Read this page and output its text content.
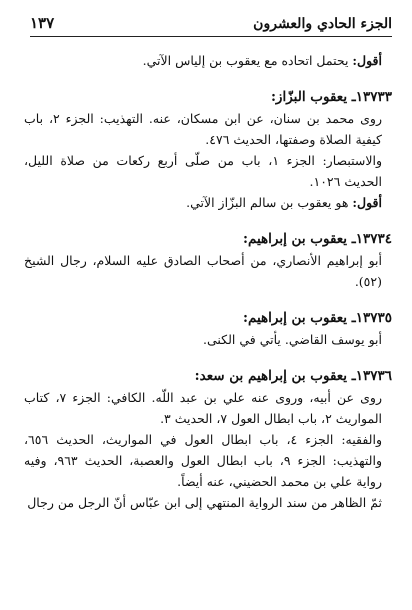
الجزء الحادي والعشرون
١٣٧

أقول: يحتمل اتحاده مع يعقوب بن إلياس الآتي.

١٣٧٣٣ـ يعقوب البزّاز:

روى محمد بن سنان، عن ابن مسكان، عنه. التهذيب: الجزء ٢، باب كيفية الصلاة وصفتها، الحديث ٤٧٦.

والاستبصار: الجزء ١، باب من صلّى أربع ركعات من صلاة الليل، الحديث ١٠٢٦.

أقول: هو يعقوب بن سالم البزّاز الآتي.

١٣٧٣٤ـ يعقوب بن إبراهيم:

أبو إبراهيم الأنصاري، من أصحاب الصادق عليه السلام، رجال الشيخ (٥٢).

١٣٧٣٥ـ يعقوب بن إبراهيم:

أبو يوسف القاضي. يأتي في الكنى.

١٣٧٣٦ـ يعقوب بن إبراهيم بن سعد:

روى عن أبيه، وروى عنه علي بن عبد اللّه. الكافي: الجزء ٧، كتاب المواريث ٢، باب ابطال العول ٧، الحديث ٣.

والفقيه: الجزء ٤، باب ابطال العول في المواريث، الحديث ٦٥٦، والتهذيب: الجزء ٩، باب ابطال العول والعصبة، الحديث ٩٦٣، وفيه رواية علي بن محمد الحضيني، عنه أيضاً.

ثمّ الظاهر من سند الرواية المنتهي إلى ابن عبّاس أنّ الرجل من رجال
